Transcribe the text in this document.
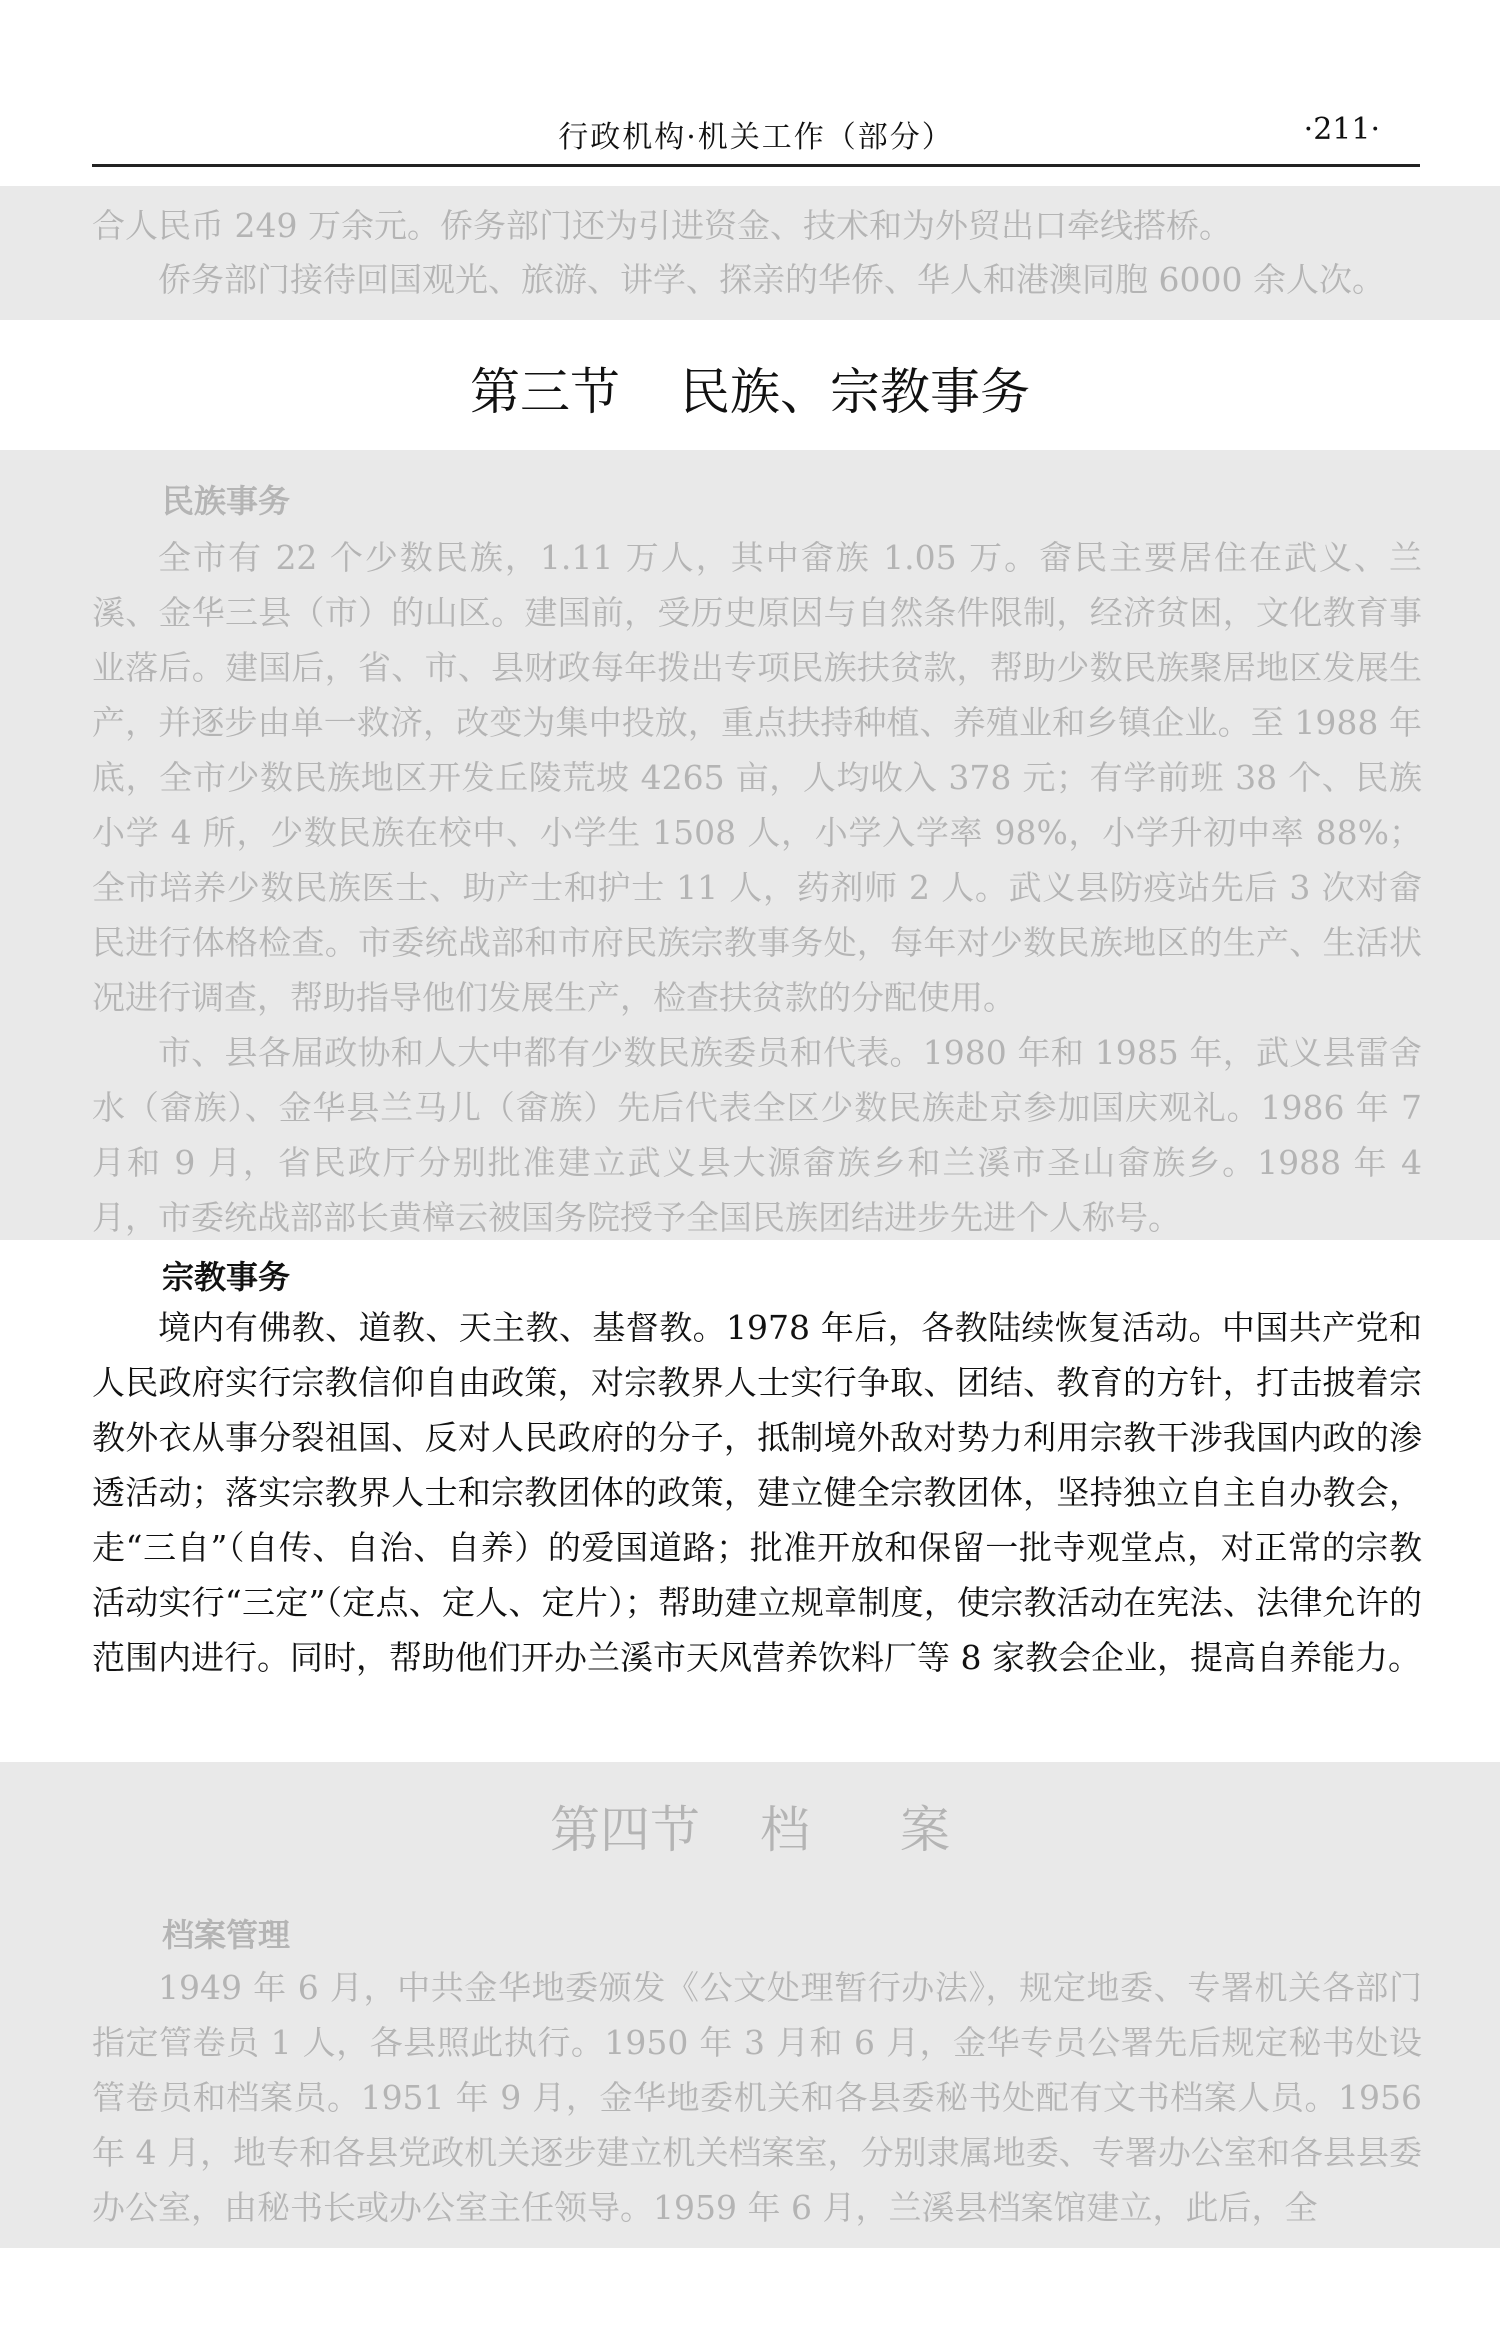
行政机构·机关工作（部分）	·211·

合人民币 249 万余元。侨务部门还为引进资金、技术和为外贸出口牵线搭桥。

侨务部门接待回国观光、旅游、讲学、探亲的华侨、华人和港澳同胞 6000 余人次。

第三节 民族、宗教事务
民族事务

全市有 22 个少数民族，1.11 万人，其中畲族 1.05 万。畲民主要居住在武义、兰溪、金华三县（市）的山区。建国前，受历史原因与自然条件限制，经济贫困，文化教育事业落后。建国后，省、市、县财政每年拨出专项民族扶贫款，帮助少数民族聚居地区发展生产，并逐步由单一救济，改变为集中投放，重点扶持种植、养殖业和乡镇企业。至 1988 年底，全市少数民族地区开发丘陵荒坡 4265 亩，人均收入 378 元；有学前班 38 个、民族小学 4 所，少数民族在校中、小学生 1508 人，小学入学率 98%，小学升初中率 88%；全市培养少数民族医士、助产士和护士 11 人，药剂师 2 人。武义县防疫站先后 3 次对畲民进行体格检查。市委统战部和市府民族宗教事务处，每年对少数民族地区的生产、生活状况进行调查，帮助指导他们发展生产，检查扶贫款的分配使用。

市、县各届政协和人大中都有少数民族委员和代表。1980 年和 1985 年，武义县雷舍水（畲族）、金华县兰马儿（畲族）先后代表全区少数民族赴京参加国庆观礼。1986 年 7 月和 9 月，省民政厅分别批准建立武义县大源畲族乡和兰溪市圣山畲族乡。1988 年 4 月，市委统战部部长黄樟云被国务院授予全国民族团结进步先进个人称号。

宗教事务

境内有佛教、道教、天主教、基督教。1978 年后，各教陆续恢复活动。中国共产党和人民政府实行宗教信仰自由政策，对宗教界人士实行争取、团结、教育的方针，打击披着宗教外衣从事分裂祖国、反对人民政府的分子，抵制境外敌对势力利用宗教干涉我国内政的渗透活动；落实宗教界人士和宗教团体的政策，建立健全宗教团体，坚持独立自主自办教会，走“三自”（自传、自治、自养）的爱国道路；批准开放和保留一批寺观堂点，对正常的宗教活动实行“三定”（定点、定人、定片）；帮助建立规章制度，使宗教活动在宪法、法律允许的范围内进行。同时，帮助他们开办兰溪市天风营养饮料厂等 8 家教会企业，提高自养能力。

第四节 档 案
档案管理

1949 年 6 月，中共金华地委颁发《公文处理暂行办法》，规定地委、专署机关各部门指定管卷员 1 人，各县照此执行。1950 年 3 月和 6 月，金华专员公署先后规定秘书处设管卷员和档案员。1951 年 9 月，金华地委机关和各县委秘书处配有文书档案人员。1956 年 4 月，地专和各县党政机关逐步建立机关档案室，分别隶属地委、专署办公室和各县县委办公室，由秘书长或办公室主任领导。1959 年 6 月，兰溪县档案馆建立，此后，全
